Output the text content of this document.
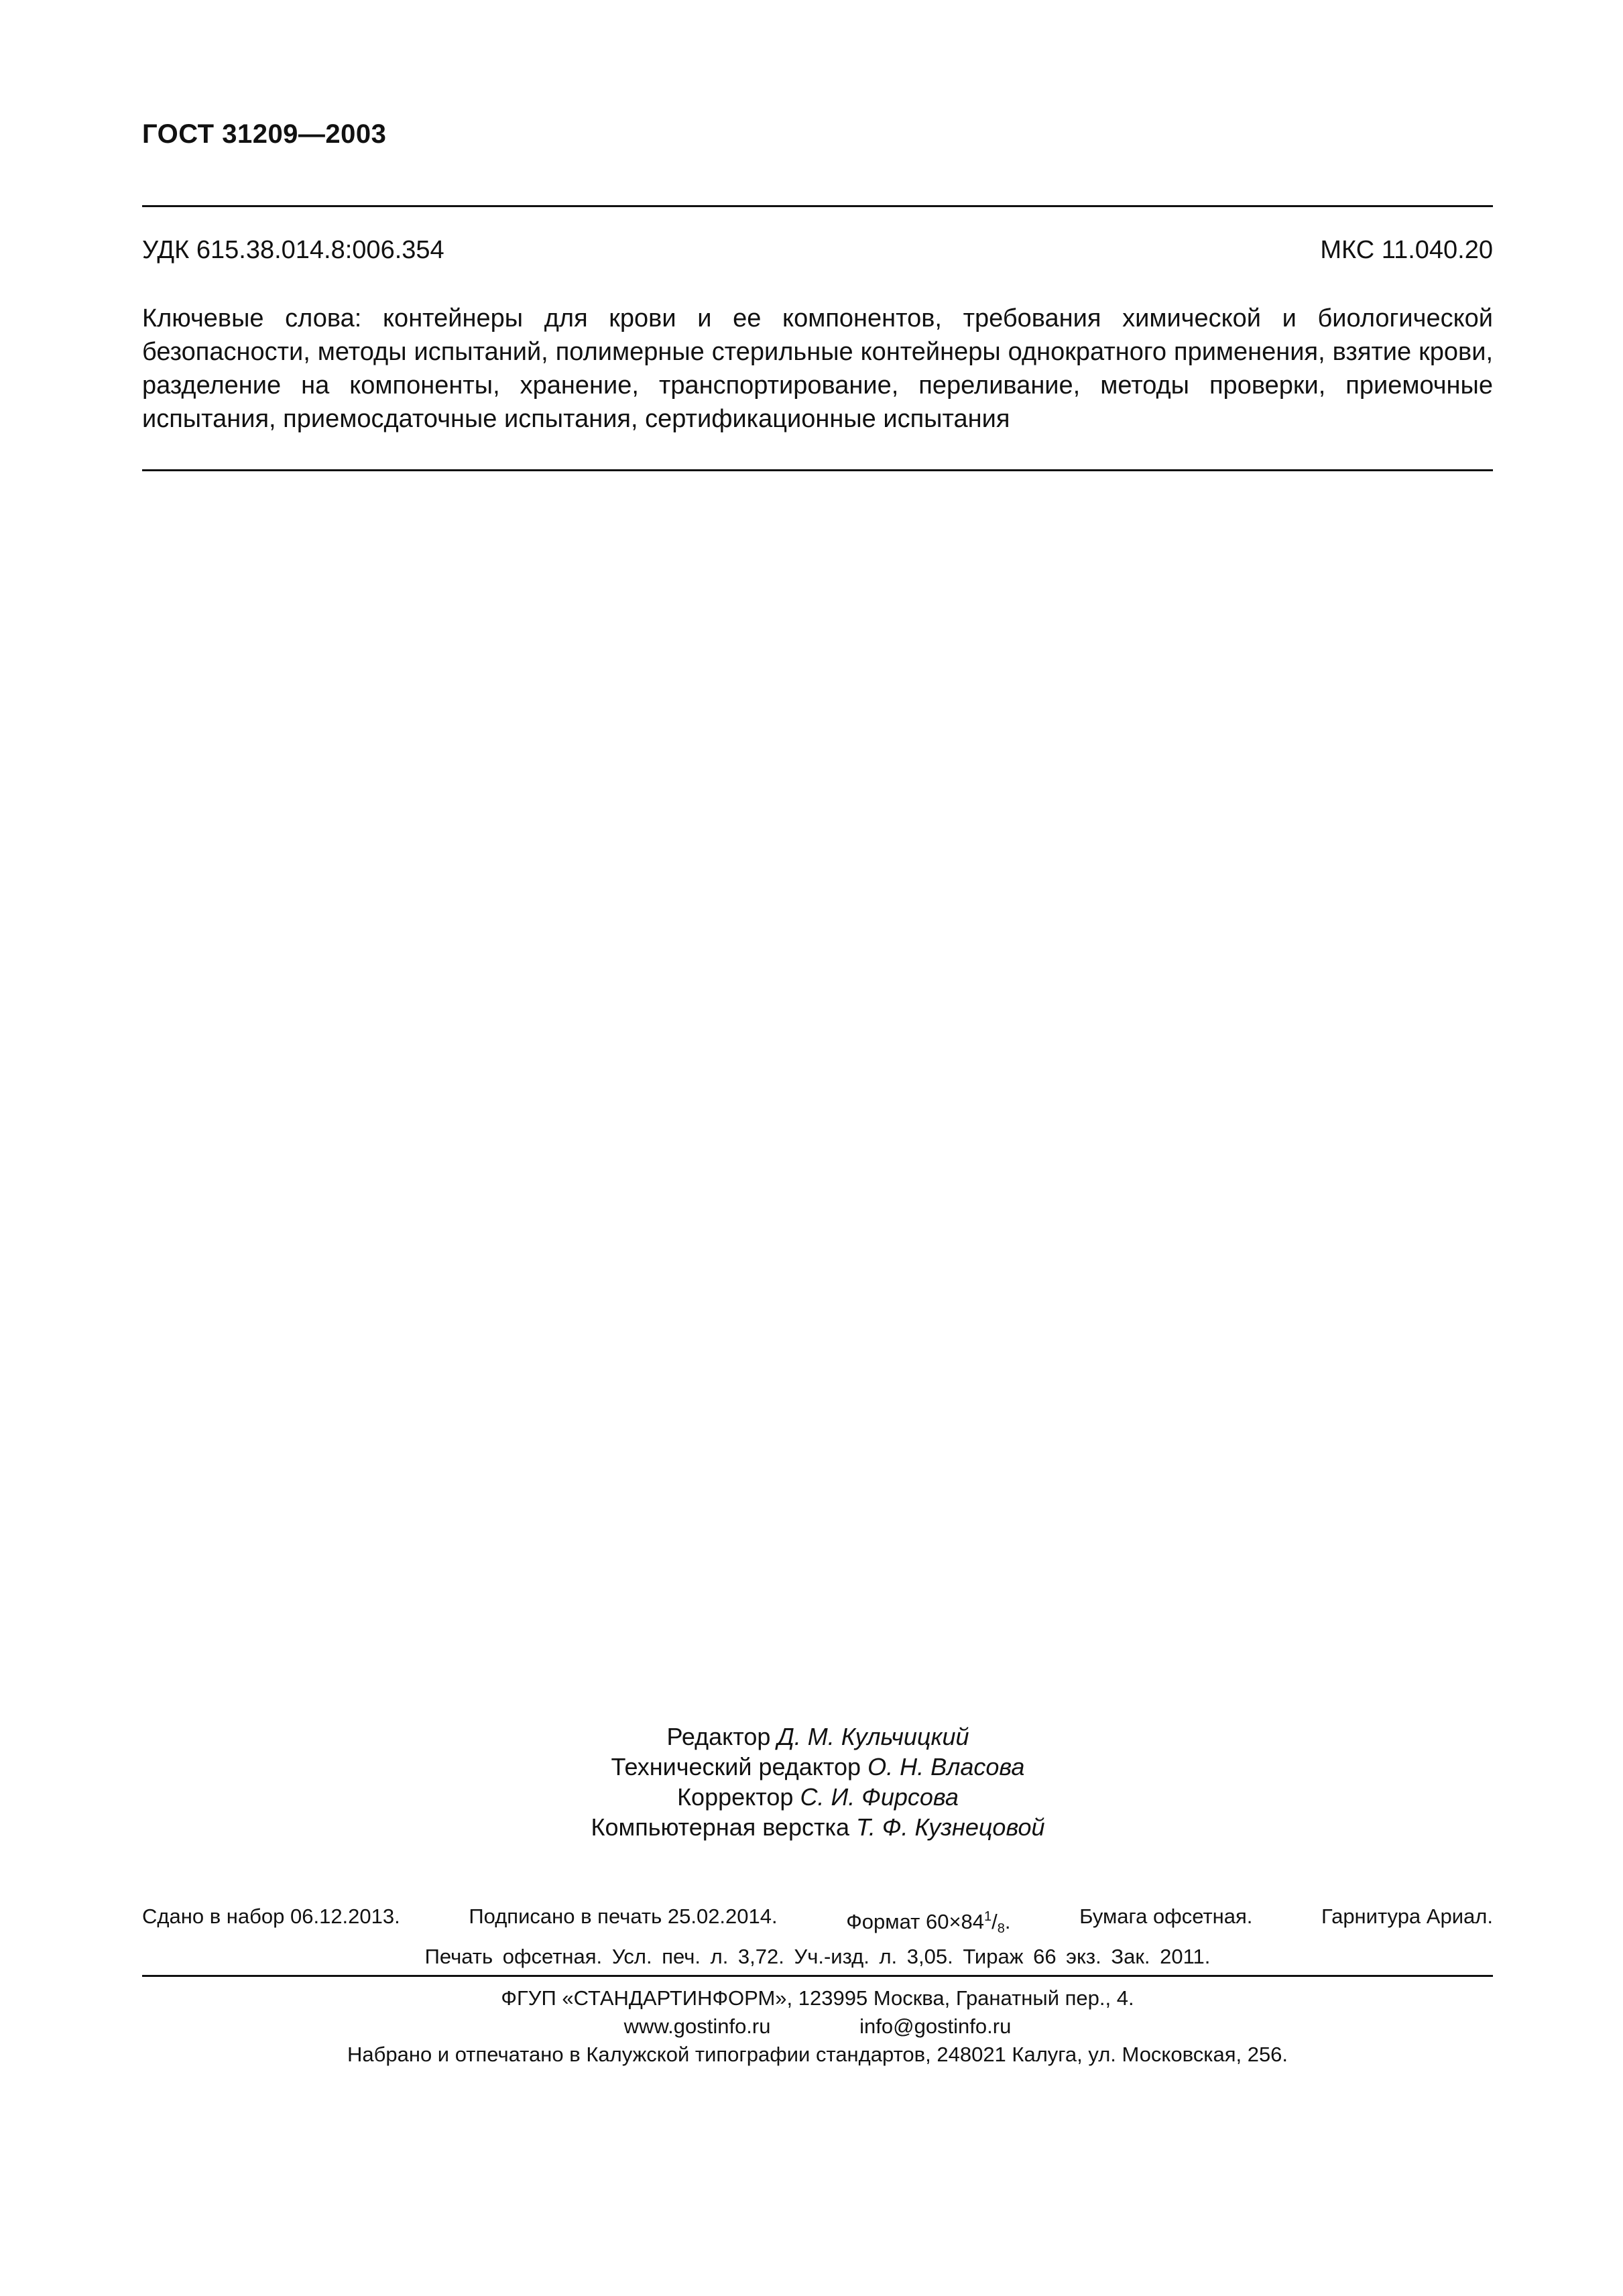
ГОСТ 31209—2003
УДК 615.38.014.8:006.354	МКС 11.040.20
Ключевые слова: контейнеры для крови и ее компонентов, требования химической и биологической безопасности, методы испытаний, полимерные стерильные контейнеры однократного применения, взятие крови, разделение на компоненты, хранение, транспортирование, переливание, методы проверки, приемочные испытания, приемосдаточные испытания, сертификационные испытания
Редактор Д. М. Кульчицкий
Технический редактор О. Н. Власова
Корректор С. И. Фирсова
Компьютерная верстка Т. Ф. Кузнецовой
Сдано в набор 06.12.2013.	Подписано в печать 25.02.2014.	Формат $60\times 84^1/_8$.	Бумага офсетная.	Гарнитура Ариал.
Печать офсетная. Усл. печ. л. 3,72. Уч.-изд. л. 3,05. Тираж 66 экз. Зак. 2011.
ФГУП «СТАНДАРТИНФОРМ», 123995 Москва, Гранатный пер., 4.
www.gostinfo.ru	info@gostinfo.ru
Набрано и отпечатано в Калужской типографии стандартов, 248021 Калуга, ул. Московская, 256.
